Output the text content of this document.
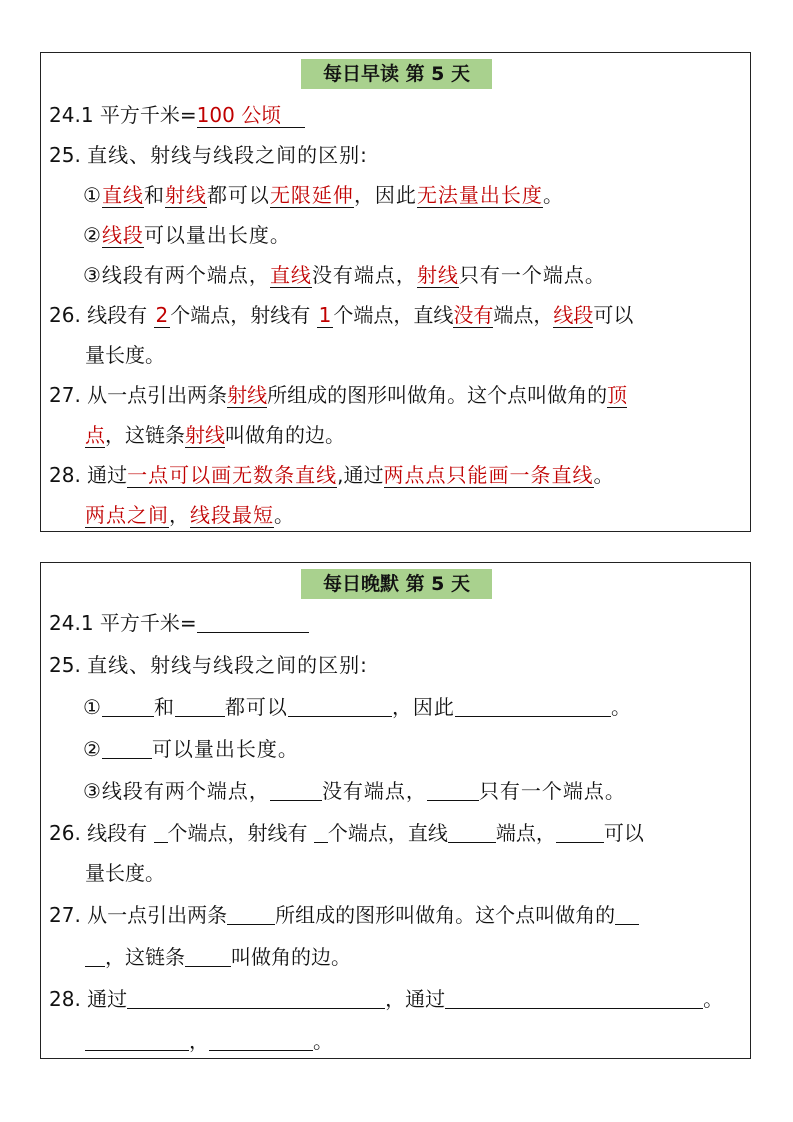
每日早读 第 5 天
24.1 平方千米=100 公顷
25. 直线、射线与线段之间的区别:
①直线和射线都可以无限延伸，因此无法量出长度。
②线段可以量出长度。
③线段有两个端点，直线没有端点，射线只有一个端点。
26. 线段有 2 个端点，射线有 1 个端点，直线没有端点，线段可以
量长度。
27. 从一点引出两条射线所组成的图形叫做角。这个点叫做角的顶
点，这链条射线叫做角的边。
28. 通过一点可以画无数条直线,通过两点点只能画一条直线。
两点之间，线段最短。
每日晚默 第 5 天
24.1 平方千米=
25. 直线、射线与线段之间的区别:
①	和	都可以	，因此	。
②	可以量出长度。
③线段有两个端点，	没有端点，	只有一个端点。
26. 线段有 个端点，射线有 个端点，直线 端点， 可以
量长度。
27. 从一点引出两条 所组成的图形叫做角。这个点叫做角的
，这链条 叫做角的边。
28. 通过	，通过	。
，	。
